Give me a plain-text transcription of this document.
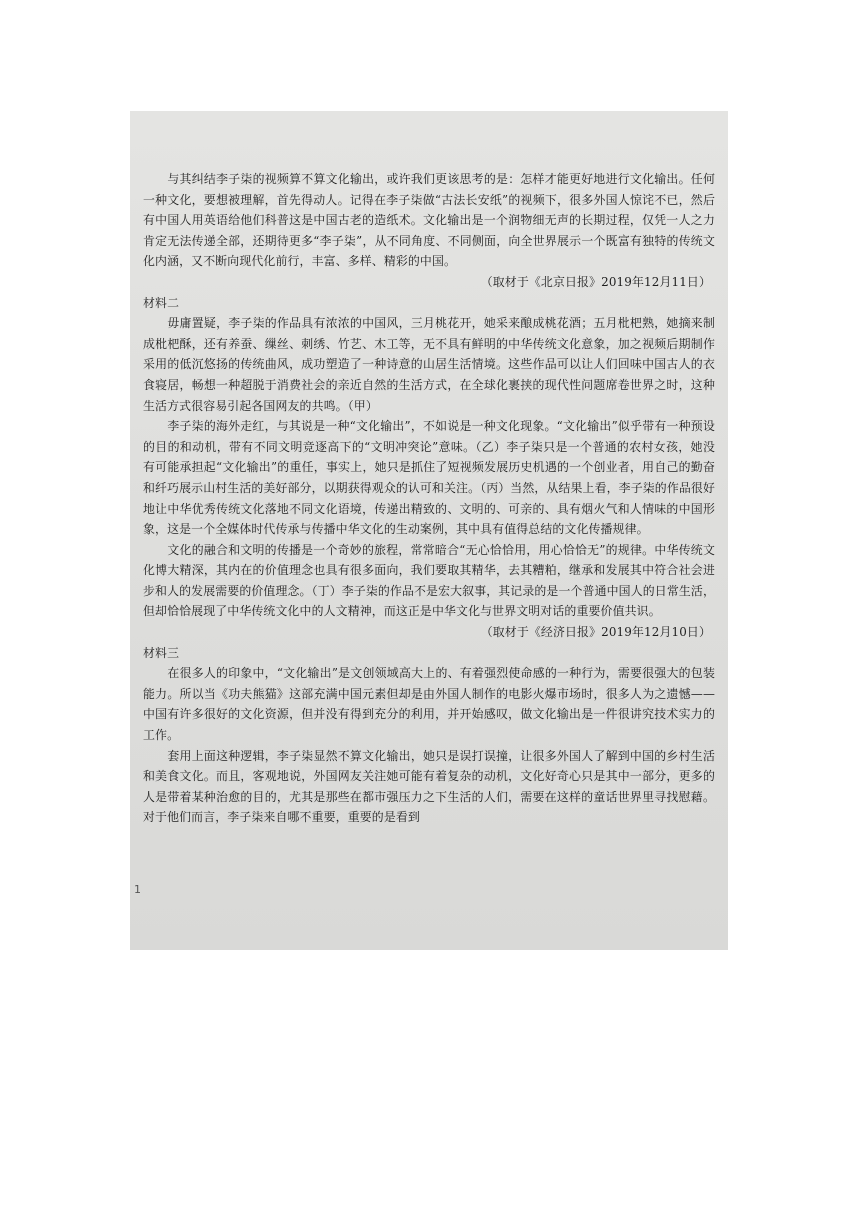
与其纠结李子柒的视频算不算文化输出，或许我们更该思考的是：怎样才能更好地进行文化输出。任何一种文化，要想被理解，首先得动人。记得在李子柒做“古法长安纸”的视频下，很多外国人惊诧不已，然后有中国人用英语给他们科普这是中国古老的造纸术。文化输出是一个润物细无声的长期过程，仅凭一人之力肯定无法传递全部，还期待更多“李子柒”，从不同角度、不同侧面，向全世界展示一个既富有独特的传统文化内涵，又不断向现代化前行，丰富、多样、精彩的中国。

（取材于《北京日报》2019年12月11日）

材料二

毋庸置疑，李子柒的作品具有浓浓的中国风，三月桃花开，她采来酿成桃花酒；五月枇杷熟，她摘来制成枇杷酥，还有养蚕、缫丝、刺绣、竹艺、木工等，无不具有鲜明的中华传统文化意象，加之视频后期制作采用的低沉悠扬的传统曲风，成功塑造了一种诗意的山居生活情境。这些作品可以让人们回味中国古人的衣食寝居，畅想一种超脱于消费社会的亲近自然的生活方式，在全球化裹挟的现代性问题席卷世界之时，这种生活方式很容易引起各国网友的共鸣。（甲）

李子柒的海外走红，与其说是一种“文化输出”，不如说是一种文化现象。“文化输出”似乎带有一种预设的目的和动机，带有不同文明竞逐高下的“文明冲突论”意味。（乙）李子柒只是一个普通的农村女孩，她没有可能承担起“文化输出”的重任，事实上，她只是抓住了短视频发展历史机遇的一个创业者，用自己的勤奋和纤巧展示山村生活的美好部分，以期获得观众的认可和关注。（丙）当然，从结果上看，李子柒的作品很好地让中华优秀传统文化落地不同文化语境，传递出精致的、文明的、可亲的、具有烟火气和人情味的中国形象，这是一个全媒体时代传承与传播中华文化的生动案例，其中具有值得总结的文化传播规律。

文化的融合和文明的传播是一个奇妙的旅程，常常暗合“无心恰恰用，用心恰恰无”的规律。中华传统文化博大精深，其内在的价值理念也具有很多面向，我们要取其精华，去其糟粕，继承和发展其中符合社会进步和人的发展需要的价值理念。（丁）李子柒的作品不是宏大叙事，其记录的是一个普通中国人的日常生活，但却恰恰展现了中华传统文化中的人文精神，而这正是中华文化与世界文明对话的重要价值共识。

（取材于《经济日报》2019年12月10日）

材料三

在很多人的印象中，“文化输出”是文创领域高大上的、有着强烈使命感的一种行为，需要很强大的包装能力。所以当《功夫熊猫》这部充满中国元素但却是由外国人制作的电影火爆市场时，很多人为之遗憾——中国有许多很好的文化资源，但并没有得到充分的利用，并开始感叹，做文化输出是一件很讲究技术实力的工作。

套用上面这种逻辑，李子柒显然不算文化输出，她只是误打误撞，让很多外国人了解到中国的乡村生活和美食文化。而且，客观地说，外国网友关注她可能有着复杂的动机，文化好奇心只是其中一部分，更多的人是带着某种治愈的目的，尤其是那些在都市强压力之下生活的人们，需要在这样的童话世界里寻找慰藉。对于他们而言，李子柒来自哪不重要，重要的是看到

1
